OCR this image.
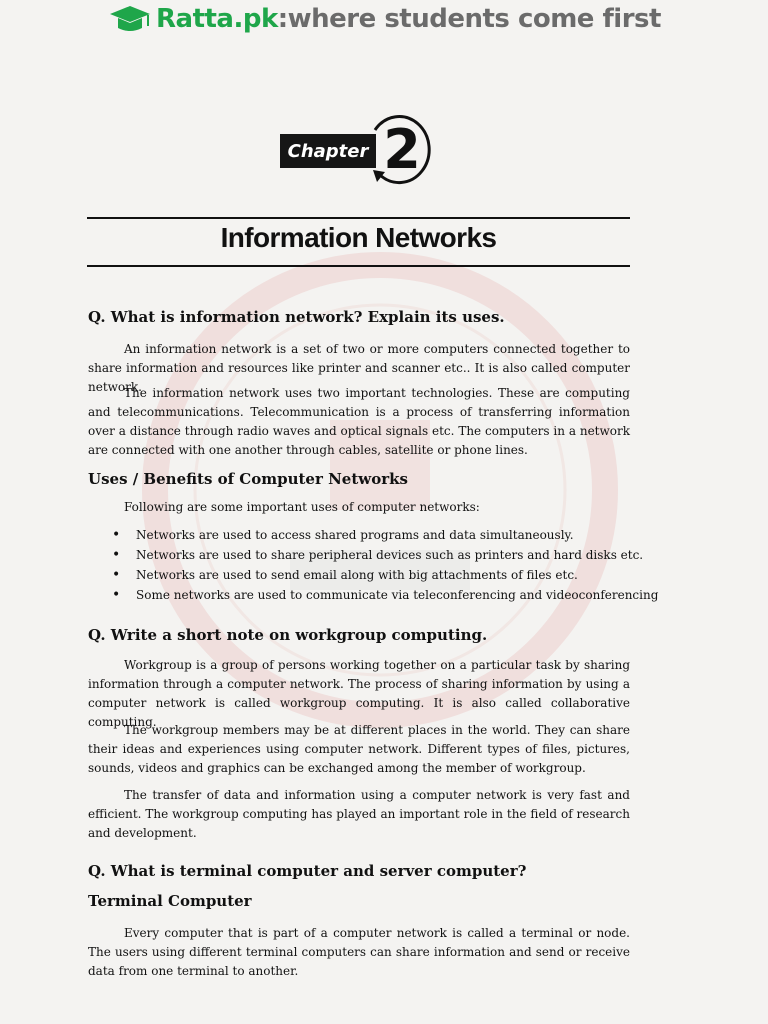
Ratta.pk :where students come first
Chapter 2
Information Networks
Q. What is information network? Explain its uses.

An information network is a set of two or more computers connected together to share information and resources like printer and scanner etc.. It is also called computer network.

The information network uses two important technologies. These are computing and telecommunications. Telecommunication is a process of transferring information over a distance through radio waves and optical signals etc. The computers in a network are connected with one another through cables, satellite or phone lines.

Uses / Benefits of Computer Networks

Following are some important uses of computer networks:

• Networks are used to access shared programs and data simultaneously.
• Networks are used to share peripheral devices such as printers and hard disks etc.
• Networks are used to send email along with big attachments of files etc.
• Some networks are used to communicate via teleconferencing and videoconferencing
Q. Write a short note on workgroup computing.

Workgroup is a group of persons working together on a particular task by sharing information through a computer network. The process of sharing information by using a computer network is called workgroup computing. It is also called collaborative computing.

The workgroup members may be at different places in the world. They can share their ideas and experiences using computer network. Different types of files, pictures, sounds, videos and graphics can be exchanged among the member of workgroup.

The transfer of data and information using a computer network is very fast and efficient. The workgroup computing has played an important role in the field of research and development.

Q. What is terminal computer and server computer?
Terminal Computer

Every computer that is part of a computer network is called a terminal or node. The users using different terminal computers can share information and send or receive data from one terminal to another.
